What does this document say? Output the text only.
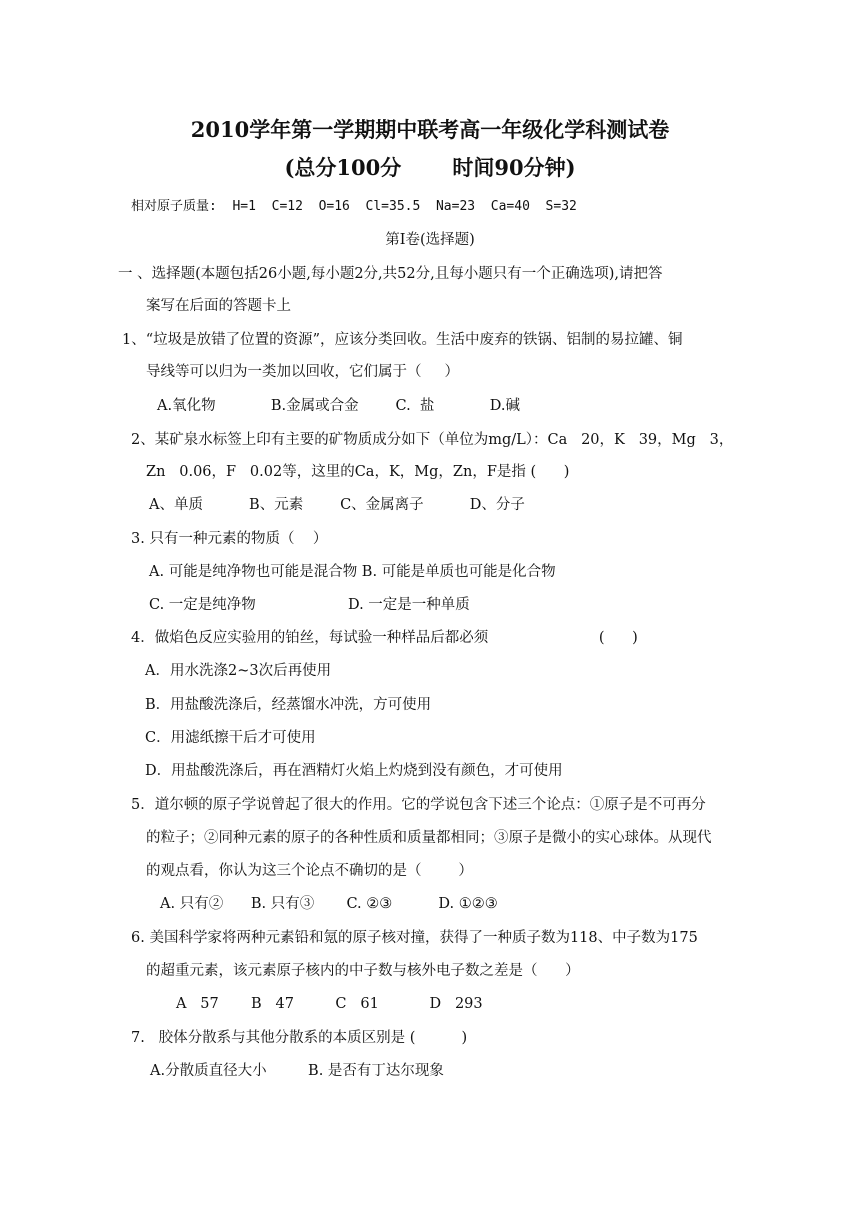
2010学年第一学期期中联考高一年级化学科测试卷
(总分100分       时间90分钟)
相对原子质量:  H=1  C=12  O=16  Cl=35.5  Na=23  Ca=40  S=32
第Ⅰ卷(选择题)
一 、选择题(本题包括26小题,每小题2分,共52分,且每小题只有一个正确选项),请把答
案写在后面的答题卡上
1、“垃圾是放错了位置的资源”，应该分类回收。生活中废弃的铁锅、铝制的易拉罐、铜
导线等可以归为一类加以回收，它们属于（     ）
A.氧化物            B.金属或合金        C.  盐            D.碱
2、某矿泉水标签上印有主要的矿物质成分如下（单位为mg/L）：Ca   20，K   39，Mg   3，
Zn   0.06，F   0.02等，这里的Ca，K，Mg，Zn，F是指 (      )
A、单质          B、元素        C、金属离子          D、分子
3. 只有一种元素的物质（    ）
A. 可能是纯净物也可能是混合物 B. 可能是单质也可能是化合物
C. 一定是纯净物                    D. 一定是一种单质
4．做焰色反应实验用的铂丝，每试验一种样品后都必须                        (      )
A．用水洗涤2~3次后再使用
B．用盐酸洗涤后，经蒸馏水冲洗，方可使用
C．用滤纸擦干后才可使用
D．用盐酸洗涤后，再在酒精灯火焰上灼烧到没有颜色，才可使用
5．道尔顿的原子学说曾起了很大的作用。它的学说包含下述三个论点：①原子是不可再分
的粒子；②同种元素的原子的各种性质和质量都相同；③原子是微小的实心球体。从现代
的观点看，你认为这三个论点不确切的是（        ）
A. 只有②      B. 只有③       C. ②③          D. ①②③
6. 美国科学家将两种元素铅和氪的原子核对撞，获得了一种质子数为118、中子数为175
的超重元素，该元素原子核内的中子数与核外电子数之差是（      ）
A   57       B   47         C   61           D   293
7.   胶体分散系与其他分散系的本质区别是 (          )
A.分散质直径大小         B. 是否有丁达尔现象
